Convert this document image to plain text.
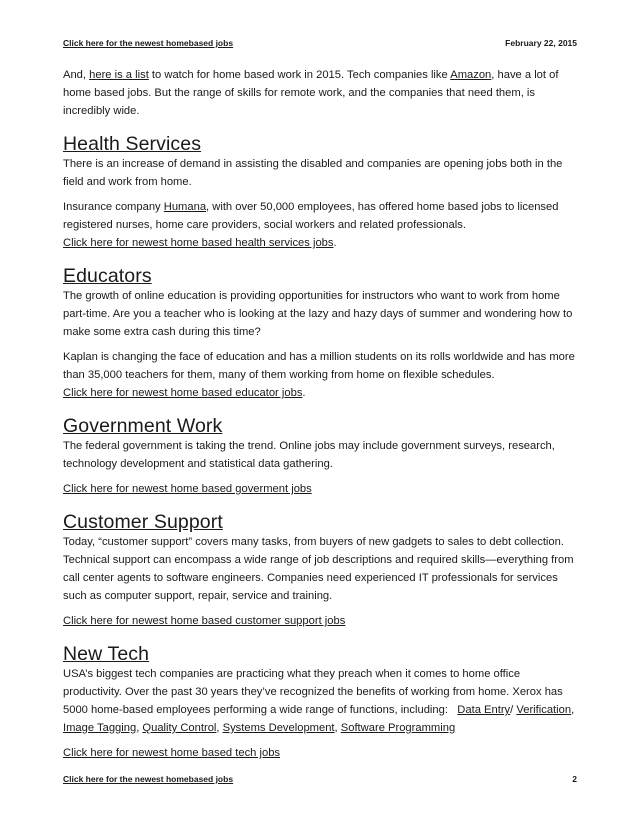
Click here for the newest homebased jobs	February 22, 2015

And, here is a list to watch for home based work in 2015. Tech companies like Amazon, have a lot of home based jobs. But the range of skills for remote work, and the companies that need them, is incredibly wide.

Health Services

There is an increase of demand in assisting the disabled and companies are opening jobs both in the field and work from home.

Insurance company Humana, with over 50,000 employees, has offered home based jobs to licensed registered nurses, home care providers, social workers and related professionals.
Click here for newest home based health services jobs.

Educators

The growth of online education is providing opportunities for instructors who want to work from home part-time. Are you a teacher who is looking at the lazy and hazy days of summer and wondering how to make some extra cash during this time?

Kaplan is changing the face of education and has a million students on its rolls worldwide and has more than 35,000 teachers for them, many of them working from home on flexible schedules.
Click here for newest home based educator jobs.

Government Work

The federal government is taking the trend. Online jobs may include government surveys, research, technology development and statistical data gathering.

Click here for newest home based goverment jobs

Customer Support

Today, “customer support” covers many tasks, from buyers of new gadgets to sales to debt collection. Technical support can encompass a wide range of job descriptions and required skills—everything from call center agents to software engineers. Companies need experienced IT professionals for services such as computer support, repair, service and training.

Click here for newest home based customer support jobs

New Tech

USA’s biggest tech companies are practicing what they preach when it comes to home office productivity. Over the past 30 years they’ve recognized the benefits of working from home. Xerox has 5000 home-based employees performing a wide range of functions, including:   Data Entry/ Verification, Image Tagging, Quality Control, Systems Development, Software Programming

Click here for newest home based tech jobs

Click here for the newest homebased jobs	2
